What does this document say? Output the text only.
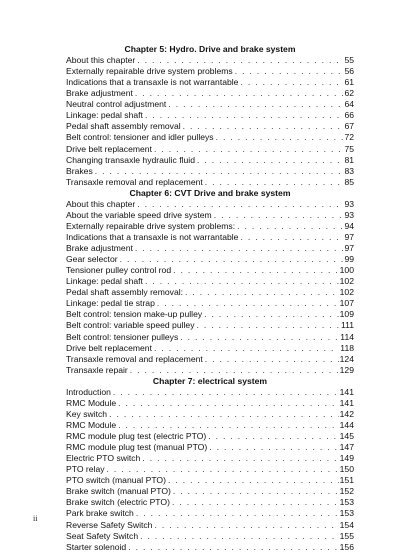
Chapter 5: Hydro. Drive and brake system
About this chapter . . .	55
Externally repairable drive system problems . . .	56
Indications that a transaxle is not warrantable . . .	61
Brake adjustment . . .	62
Neutral control adjustment . . .	64
Linkage: pedal shaft . . .	66
Pedal shaft assembly removal . . .	67
Belt control: tensioner and idler pulleys . . .	72
Drive belt replacement . . .	75
Changing transaxle hydraulic fluid . . .	81
Brakes . . .	83
Transaxle removal and replacement . . .	85
Chapter 6: CVT Drive and brake system
About this chapter . . .	93
About the variable speed drive system . . .	93
Externally repairable drive system problems: . . .	94
Indications that a transaxle is not warrantable . . .	97
Brake adjustment . . .	97
Gear selector . . .	99
Tensioner pulley control rod . . .	100
Linkage: pedal shaft . . .	102
Pedal shaft assembly removal: . . .	102
Linkage: pedal tie strap . . .	107
Belt control: tension make-up pulley . . .	109
Belt control: variable speed pulley . . .	111
Belt control: tensioner pulleys . . .	114
Drive belt replacement . . .	118
Transaxle removal and replacement . . .	124
Transaxle repair . . .	129
Chapter 7: electrical system
Introduction . . .	141
RMC Module . . .	141
Key switch . . .	142
RMC Module . . .	144
RMC module plug test (electric PTO) . . .	145
RMC module plug test (manual PTO) . . .	147
Electric PTO switch . . .	149
PTO relay . . .	150
PTO switch (manual PTO) . . .	151
Brake switch (manual PTO) . . .	152
Brake switch (electric PTO) . . .	153
Park brake switch . . .	153
Reverse Safety Switch . . .	154
Seat Safety Switch . . .	155
Starter solenoid . . .	156
ii
